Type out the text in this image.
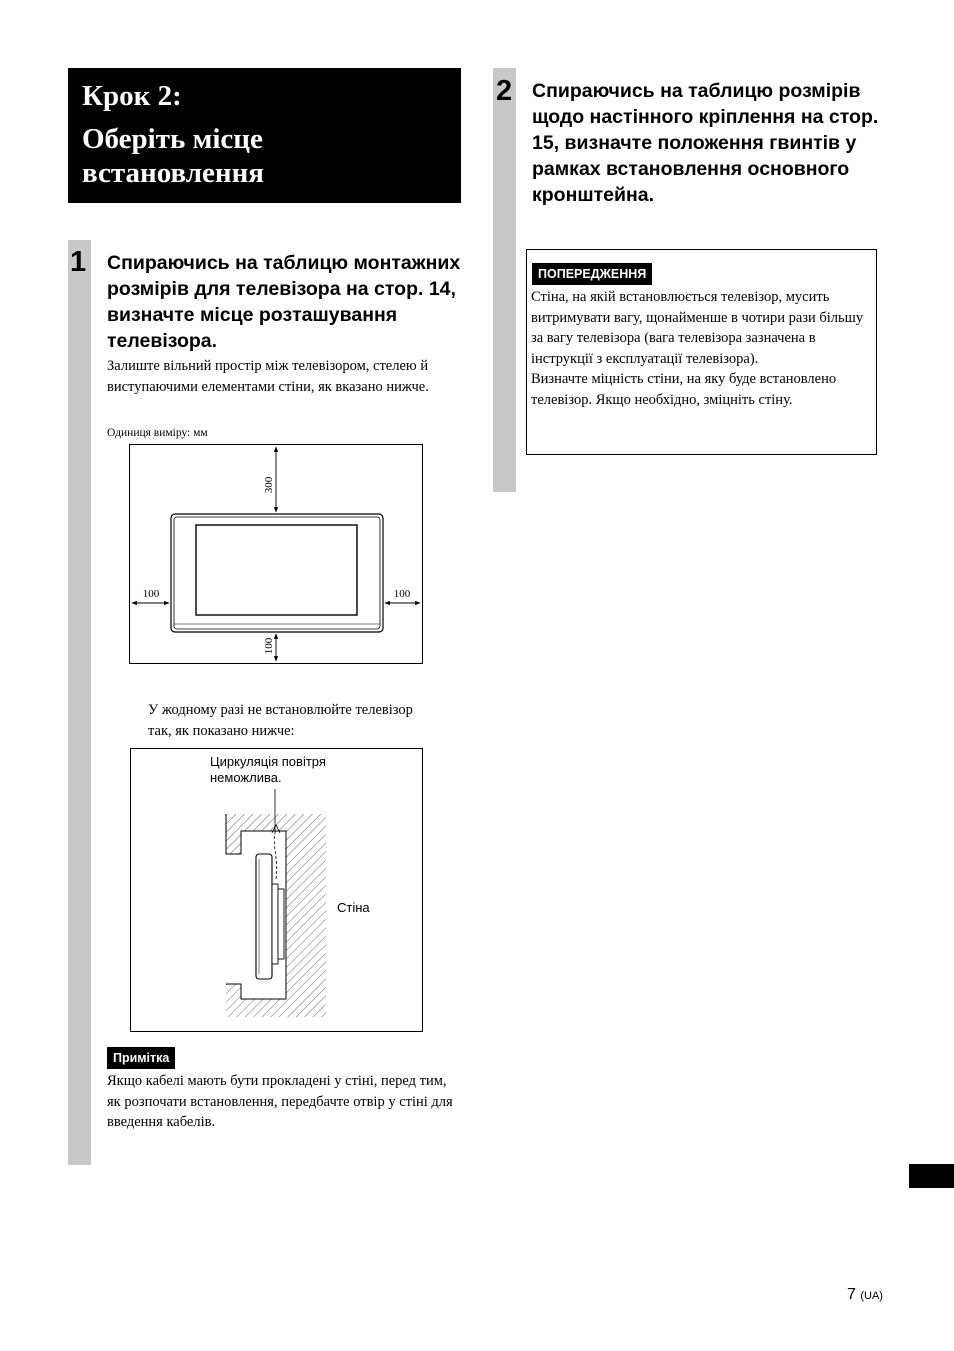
Крок 2:
Оберіть місце встановлення
1 Спираючись на таблицю монтажних розмірів для телевізора на стор. 14, визначте місце розташування телевізора.
Залиште вільний простір між телевізором, стелею й виступаючими елементами стіни, як вказано нижче.
Одиниця виміру: мм
300
100	100
100
У жодному разі не встановлюйте телевізор так, як показано нижче:
Циркуляція повітря неможлива.
Стіна
Примітка
Якщо кабелі мають бути прокладені у стіні, перед тим, як розпочати встановлення, передбачте отвір у стіні для введення кабелів.
2 Спираючись на таблицю розмірів щодо настінного кріплення на стор. 15, визначте положення гвинтів у рамках встановлення основного кронштейна.
ПОПЕРЕДЖЕННЯ
Стіна, на якій встановлюється телевізор, мусить витримувати вагу, щонайменше в чотири рази більшу за вагу телевізора (вага телевізора зазначена в інструкції з експлуатації телевізора).
Визначте міцність стіни, на яку буде встановлено телевізор. Якщо необхідно, зміцніть стіну.
7 (UA)
